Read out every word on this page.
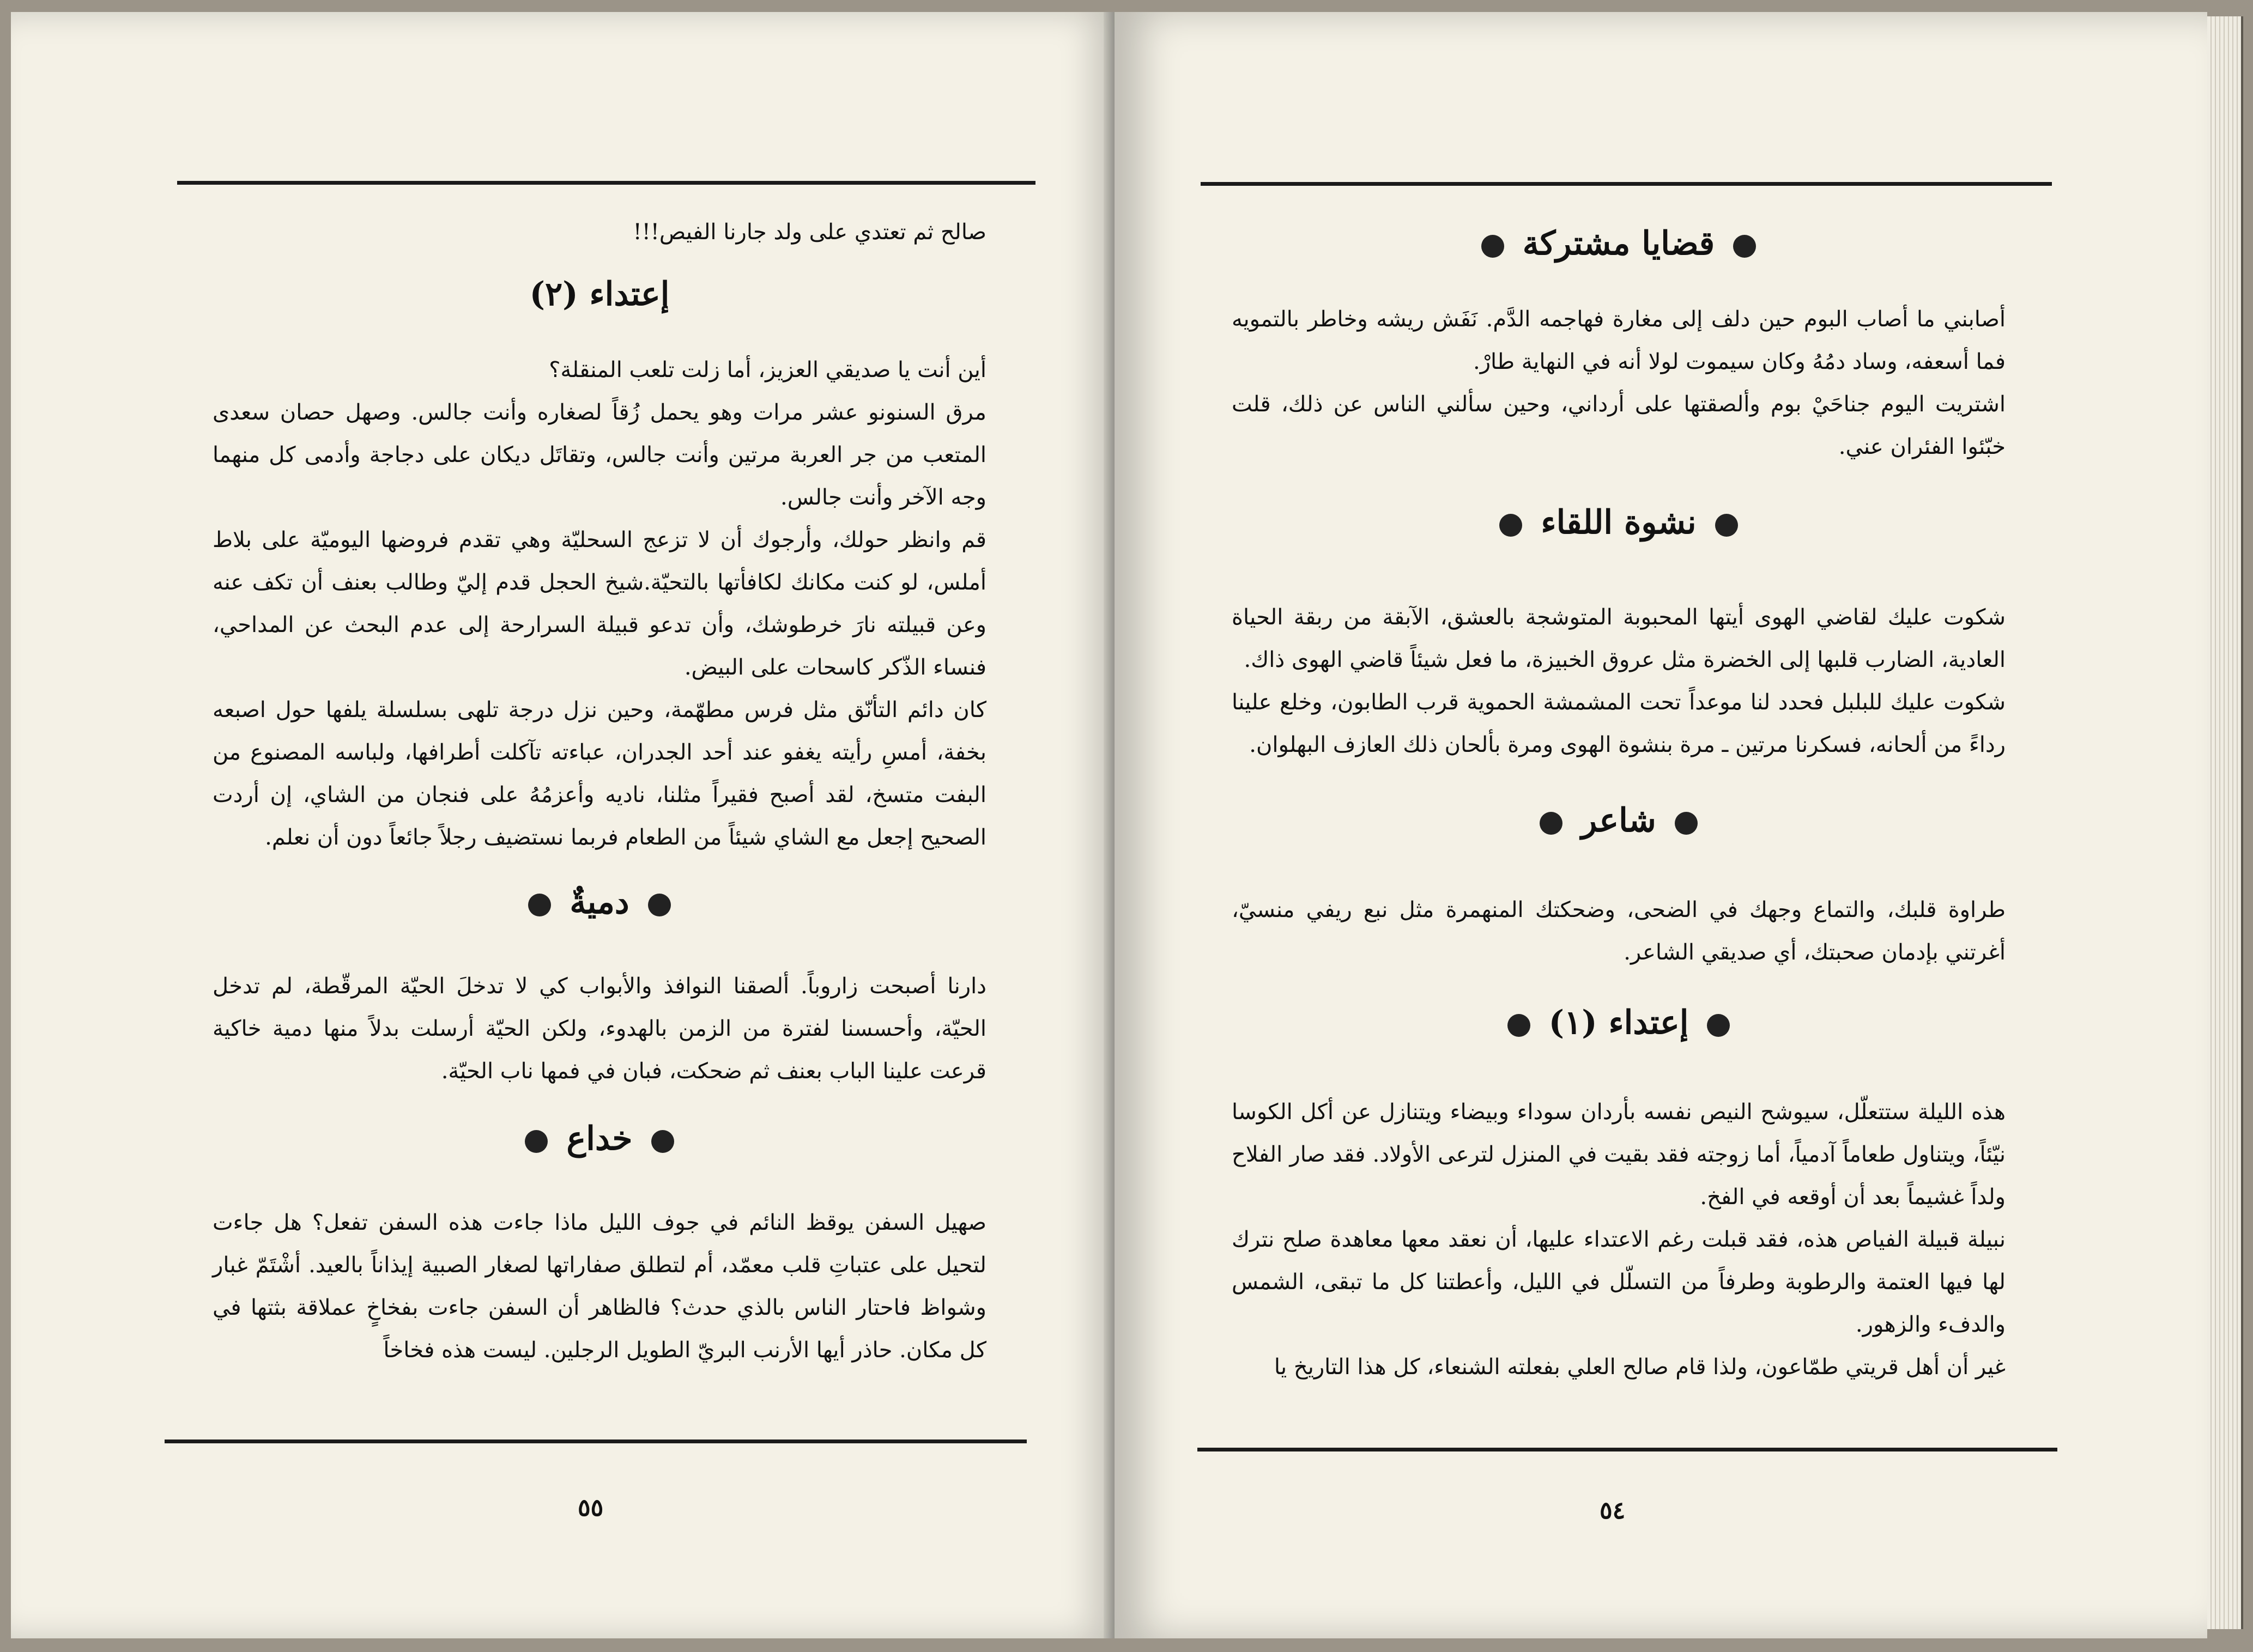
صالح ثم تعتدي على ولد جارنا الفيص!!!

إعتداء (٢)

أين أنت يا صديقي العزيز، أما زلت تلعب المنقلة؟

مرق السنونو عشر مرات وهو يحمل زُقاً لصغاره وأنت جالس. وصهل حصان سعدى المتعب من جر العربة مرتين وأنت جالس، وتقاتَل ديكان على دجاجة وأدمى كل منهما وجه الآخر وأنت جالس.

قم وانظر حولك، وأرجوك أن لا تزعج السحليّة وهي تقدم فروضها اليوميّة على بلاط أملس، لو كنت مكانك لكافأتها بالتحيّة.شيخ الحجل قدم إليّ وطالب بعنف أن تكف عنه وعن قبيلته نارَ خرطوشك، وأن تدعو قبيلة السرارحة إلى عدم البحث عن المداحي، فنساء الذّكر كاسحات على البيض.

كان دائم التأنّق مثل فرس مطهّمة، وحين نزل درجة تلهى بسلسلة يلفها حول اصبعه بخفة، أمسِ رأيته يغفو عند أحد الجدران، عباءته تآكلت أطرافها، ولباسه المصنوع من البفت متسخ، لقد أصبح فقيراً مثلنا، ناديه وأعزمُهُ على فنجان من الشاي، إن أردت الصحيح إجعل مع الشاي شيئاً من الطعام فربما نستضيف رجلاً جائعاً دون أن نعلم.

دميةٌ

دارنا أصبحت زاروباً. ألصقنا النوافذ والأبواب كي لا تدخلَ الحيّة المرقّطة، لم تدخل الحيّة، وأحسسنا لفترة من الزمن بالهدوء، ولكن الحيّة أرسلت بدلاً منها دمية خاكية قرعت علينا الباب بعنف ثم ضحكت، فبان في فمها ناب الحيّة.

خداع

صهيل السفن يوقظ النائم في جوف الليل ماذا جاءت هذه السفن تفعل؟ هل جاءت لتحيل على عتباتِ قلب معمّد، أم لتطلق صفاراتها لصغار الصبية إيذاناً بالعيد. أشْتَمّ غبار وشواظ فاحتار الناس بالذي حدث؟ فالظاهر أن السفن جاءت بفخاخٍ عملاقة بثتها في كل مكان. حاذر أيها الأرنب البريّ الطويل الرجلين. ليست هذه فخاخاً

٥٥
قضايا مشتركة

أصابني ما أصاب البوم حين دلف إلى مغارة فهاجمه الدَّم. نَفَش ريشه وخاطر بالتمويه فما أسعفه، وساد دمُهُ وكان سيموت لولا أنه في النهاية طارْ.

اشتريت اليوم جناحَيْ بوم وألصقتها على أرداني، وحين سألني الناس عن ذلك، قلت خبّئوا الفئران عني.

نشوة اللقاء

شكوت عليك لقاضي الهوى أيتها المحبوبة المتوشجة بالعشق، الآبقة من ربقة الحياة العادية، الضارب قلبها إلى الخضرة مثل عروق الخبيزة، ما فعل شيئاً قاضي الهوى ذاك.

شكوت عليك للبلبل فحدد لنا موعداً تحت المشمشة الحموية قرب الطابون، وخلع علينا رداءً من ألحانه، فسكرنا مرتين ـ مرة بنشوة الهوى ومرة بألحان ذلك العازف البهلوان.

شاعر

طراوة قلبك، والتماع وجهك في الضحى، وضحكتك المنهمرة مثل نبع ريفي منسيّ، أغرتني بإدمان صحبتك، أي صديقي الشاعر.

إعتداء (١)

هذه الليلة ستتعلّل، سيوشح النيص نفسه بأردان سوداء وبيضاء ويتنازل عن أكل الكوسا نيّئاً، ويتناول طعاماً آدمياً، أما زوجته فقد بقيت في المنزل لترعى الأولاد. فقد صار الفلاح ولداً غشيماً بعد أن أوقعه في الفخ.

نبيلة قبيلة الفياص هذه، فقد قبلت رغم الاعتداء عليها، أن نعقد معها معاهدة صلح نترك لها فيها العتمة والرطوبة وطرفاً من التسلّل في الليل، وأعطتنا كل ما تبقى، الشمس والدفء والزهور.

غير أن أهل قريتي طمّاعون، ولذا قام صالح العلي بفعلته الشنعاء، كل هذا التاريخ يا

٥٤
